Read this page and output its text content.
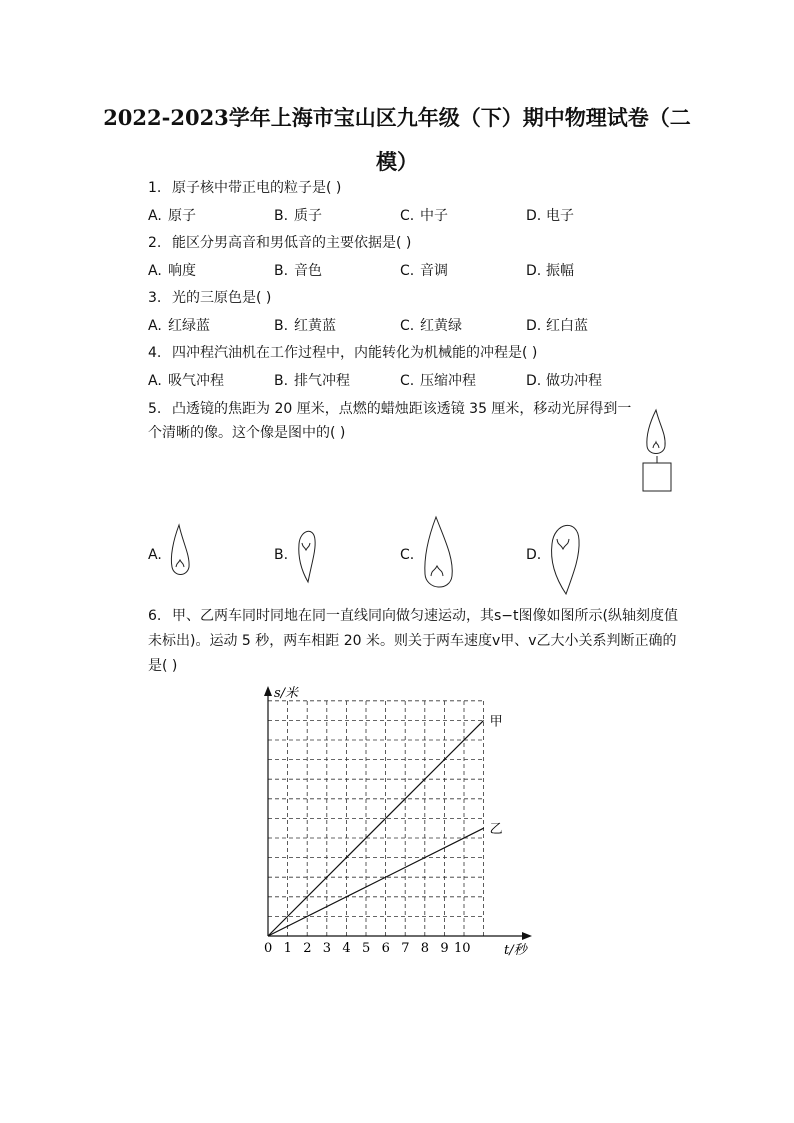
2022-2023学年上海市宝山区九年级（下）期中物理试卷（二
模）
1. 原子核中带正电的粒子是( )
A. 原子	B. 质子	C. 中子	D. 电子
2. 能区分男高音和男低音的主要依据是( )
A. 响度	B. 音色	C. 音调	D. 振幅
3. 光的三原色是( )
A. 红绿蓝	B. 红黄蓝	C. 红黄绿	D. 红白蓝
4. 四冲程汽油机在工作过程中，内能转化为机械能的冲程是( )
A. 吸气冲程	B. 排气冲程	C. 压缩冲程	D. 做功冲程
5. 凸透镜的焦距为 20 厘米，点燃的蜡烛距该透镜 35 厘米，移动光屏得到一个清晰的像。这个像是图中的( )
A.	B.	C.	D.
6. 甲、乙两车同时同地在同一直线同向做匀速运动，其s−t图像如图所示(纵轴刻度值未标出)。运动 5 秒，两车相距 20 米。则关于两车速度v甲、v乙大小关系判断正确的是( )
s/米
t/秒
甲
乙
0 1 2 3 4 5 6 7 8 9 10
